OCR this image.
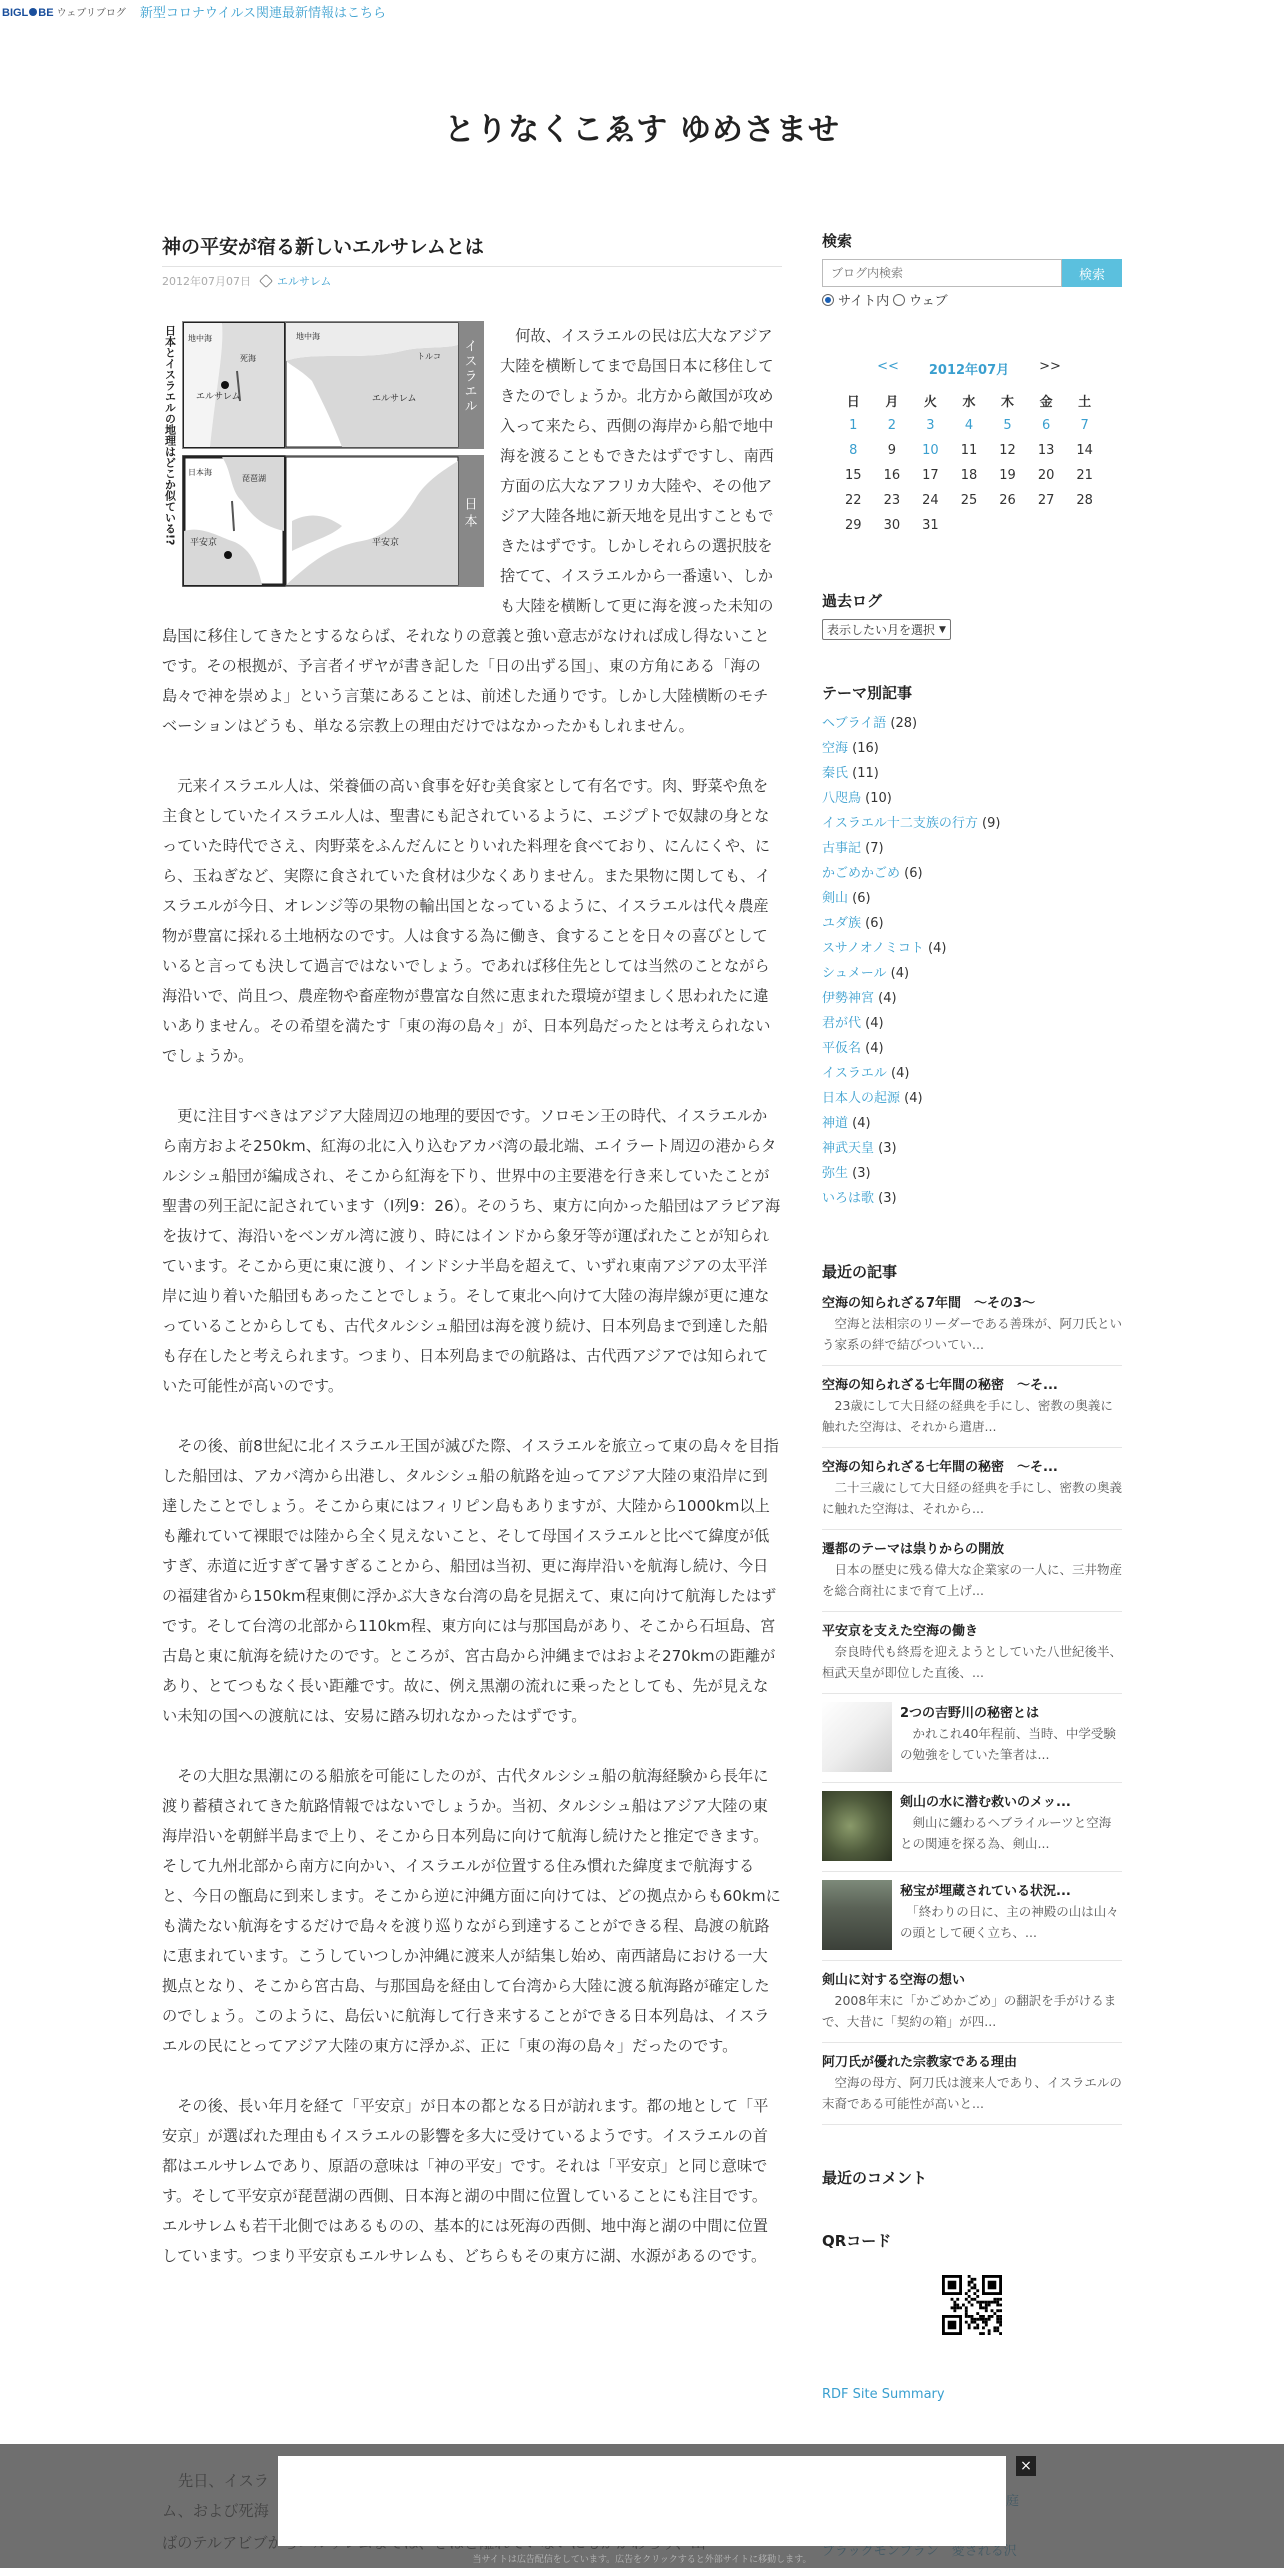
BIGL BE ウェブリブログ 新型コロナウイルス関連最新情報はこちら
とりなくこゑす ゆめさませ
神の平安が宿る新しいエルサレムとは
2012年07月07日 エルサレム
日本とイスラエルの地理はどこか似ている!? 地中海
死海
エルサレム
地中海
トルコ
エルサレム	イスラエル
日本海
琵琶湖
平安京	平安京
日本

何故、イスラエルの民は広大なアジア大陸を横断してまで島国日本に移住してきたのでしょうか。北方から敵国が攻め入って来たら、西側の海岸から船で地中海を渡ることもできたはずですし、南西方面の広大なアフリカ大陸や、その他アジア大陸各地に新天地を見出すこともできたはずです。しかしそれらの選択肢を捨てて、イスラエルから一番遠い、しかも大陸を横断して更に海を渡った未知の島国に移住してきたとするならば、それなりの意義と強い意志がなければ成し得ないことです。その根拠が、予言者イザヤが書き記した「日の出ずる国」、東の方角にある「海の島々で神を崇めよ」という言葉にあることは、前述した通りです。しかし大陸横断のモチベーションはどうも、単なる宗教上の理由だけではなかったかもしれません。

元来イスラエル人は、栄養価の高い食事を好む美食家として有名です。肉、野菜や魚を主食としていたイスラエル人は、聖書にも記されているように、エジプトで奴隷の身となっていた時代でさえ、肉野菜をふんだんにとりいれた料理を食べており、にんにくや、にら、玉ねぎなど、実際に食されていた食材は少なくありません。また果物に関しても、イスラエルが今日、オレンジ等の果物の輸出国となっているように、イスラエルは代々農産物が豊富に採れる土地柄なのです。人は食する為に働き、食することを日々の喜びとしていると言っても決して過言ではないでしょう。であれば移住先としては当然のことながら海沿いで、尚且つ、農産物や畜産物が豊富な自然に恵まれた環境が望ましく思われたに違いありません。その希望を満たす「東の海の島々」が、日本列島だったとは考えられないでしょうか。

更に注目すべきはアジア大陸周辺の地理的要因です。ソロモン王の時代、イスラエルから南方およそ250km、紅海の北に入り込むアカバ湾の最北端、エイラート周辺の港からタルシシュ船団が編成され、そこから紅海を下り、世界中の主要港を行き来していたことが聖書の列王記に記されています（I列9：26）。そのうち、東方に向かった船団はアラビア海を抜けて、海沿いをベンガル湾に渡り、時にはインドから象牙等が運ばれたことが知られています。そこから更に東に渡り、インドシナ半島を超えて、いずれ東南アジアの太平洋岸に辿り着いた船団もあったことでしょう。そして東北へ向けて大陸の海岸線が更に連なっていることからしても、古代タルシシュ船団は海を渡り続け、日本列島まで到達した船も存在したと考えられます。つまり、日本列島までの航路は、古代西アジアでは知られていた可能性が高いのです。

その後、前8世紀に北イスラエル王国が滅びた際、イスラエルを旅立って東の島々を目指した船団は、アカバ湾から出港し、タルシシュ船の航路を辿ってアジア大陸の東沿岸に到達したことでしょう。そこから東にはフィリピン島もありますが、大陸から1000km以上も離れていて裸眼では陸から全く見えないこと、そして母国イスラエルと比べて緯度が低すぎ、赤道に近すぎて暑すぎることから、船団は当初、更に海岸沿いを航海し続け、今日の福建省から150km程東側に浮かぶ大きな台湾の島を見据えて、東に向けて航海したはずです。そして台湾の北部から110km程、東方向には与那国島があり、そこから石垣島、宮古島と東に航海を続けたのです。ところが、宮古島から沖縄まではおよそ270kmの距離があり、とてつもなく長い距離です。故に、例え黒潮の流れに乗ったとしても、先が見えない未知の国への渡航には、安易に踏み切れなかったはずです。

その大胆な黒潮にのる船旅を可能にしたのが、古代タルシシュ船の航海経験から長年に渡り蓄積されてきた航路情報ではないでしょうか。当初、タルシシュ船はアジア大陸の東海岸沿いを朝鮮半島まで上り、そこから日本列島に向けて航海し続けたと推定できます。そして九州北部から南方に向かい、イスラエルが位置する住み慣れた緯度まで航海すると、今日の甑島に到来します。そこから逆に沖縄方面に向けては、どの拠点からも60kmにも満たない航海をするだけで島々を渡り巡りながら到達することができる程、島渡の航路に恵まれています。こうしていつしか沖縄に渡来人が結集し始め、南西諸島における一大拠点となり、そこから宮古島、与那国島を経由して台湾から大陸に渡る航海路が確定したのでしょう。このように、島伝いに航海して行き来することができる日本列島は、イスラエルの民にとってアジア大陸の東方に浮かぶ、正に「東の海の島々」だったのです。

その後、長い年月を経て「平安京」が日本の都となる日が訪れます。都の地として「平安京」が選ばれた理由もイスラエルの影響を多大に受けているようです。イスラエルの首都はエルサレムであり、原語の意味は「神の平安」です。それは「平安京」と同じ意味です。そして平安京が琵琶湖の西側、日本海と湖の中間に位置していることにも注目です。エルサレムも若干北側ではあるものの、基本的には死海の西側、地中海と湖の中間に位置しています。つまり平安京もエルサレムも、どちらもその東方に湖、水源があるのです。

検索
ブログ内検索
検索
サイト内 ウェブ
<< 2012年07月 >>
日	月	火	水	木	金	土
1	2	3	4	5	6	7
8	9	10	11	12	13	14
15	16	17	18	19	20	21
22	23	24	25	26	27	28
29	30	31				
過去ログ
表示したい月を選択 ▼
テーマ別記事
ヘブライ語 (28)
空海 (16)
秦氏 (11)
八咫鳥 (10)
イスラエル十二支族の行方 (9)
古事記 (7)
かごめかごめ (6)
剣山 (6)
ユダ族 (6)
スサノオノミコト (4)
シュメール (4)
伊勢神宮 (4)
君が代 (4)
平仮名 (4)
イスラエル (4)
日本人の起源 (4)
神道 (4)
神武天皇 (3)
弥生 (3)
いろは歌 (3)
最近の記事
空海の知られざる7年間　～その3～
　空海と法相宗のリーダーである善珠が、阿刀氏という家系の絆で結びついてい...
空海の知られざる七年間の秘密　～そ...
　23歳にして大日経の経典を手にし、密教の奥義に触れた空海は、それから遣唐...
空海の知られざる七年間の秘密　～そ...
　二十三歳にして大日経の経典を手にし、密教の奥義に触れた空海は、それから...
遷都のテーマは祟りからの開放
　日本の歴史に残る偉大な企業家の一人に、三井物産を総合商社にまで育て上げ...
平安京を支えた空海の働き
　奈良時代も終焉を迎えようとしていた八世紀後半、桓武天皇が即位した直後、...
2つの吉野川の秘密とは
　かれこれ40年程前、当時、中学受験の勉強をしていた筆者は...
剣山の水に潜む救いのメッ...
　剣山に纏わるヘブライルーツと空海との関連を探る為、剣山...
秘宝が埋蔵されている状況...
　「終わりの日に、主の神殿の山は山々の頭として硬く立ち、...
剣山に対する空海の想い
　2008年末に「かごめかごめ」の翻訳を手がけるまで、大昔に「契約の箱」が四...
阿刀氏が優れた宗教家である理由
　空海の母方、阿刀氏は渡来人であり、イスラエルの末裔である可能性が高いと...
最近のコメント
QRコード
RDF Site Summary
×
当サイトは広告配信をしています。広告をクリックすると外部サイトに移動します。
